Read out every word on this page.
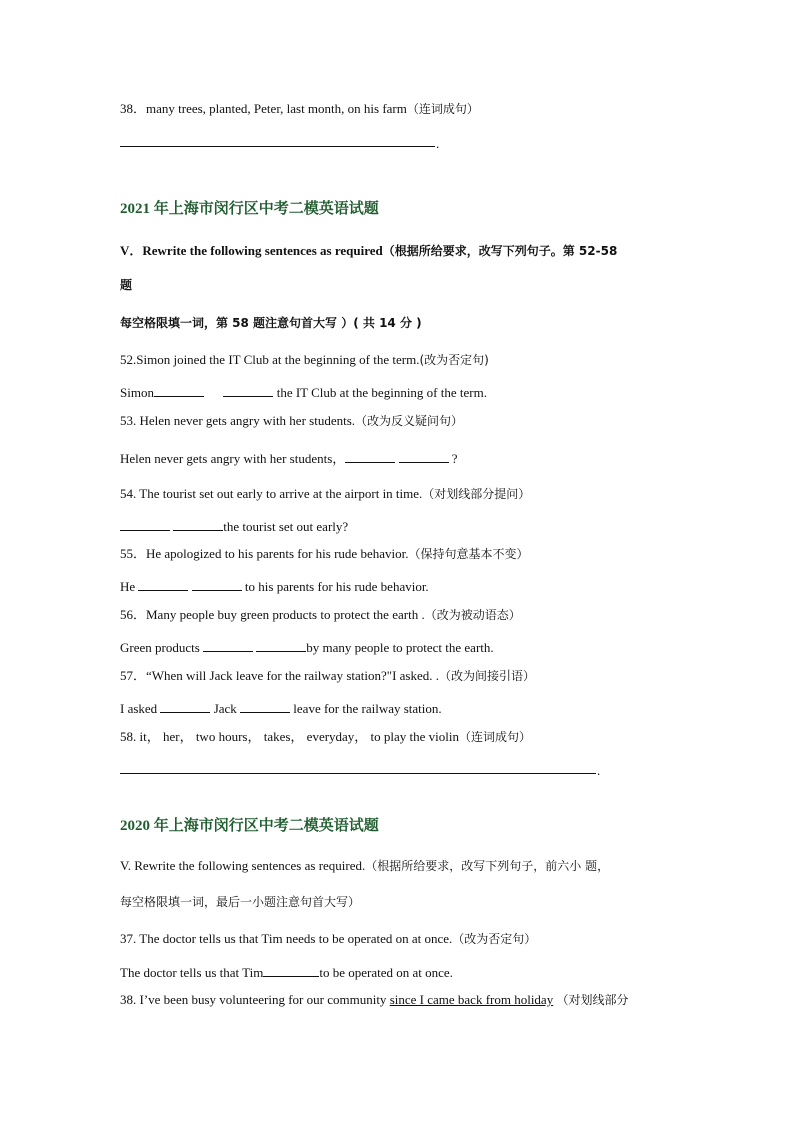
38．many trees, planted, Peter, last month, on his farm（连词成句）
.
2021 年上海市闵行区中考二模英语试题
V．Rewrite the following sentences as required（根据所给要求，改写下列句子。第 52-58
题
每空格限填一词，第 58 题注意句首大写 ）( 共 14 分 )
52.Simon joined the IT Club at the beginning of the term.(改为否定句)
Simon	the IT Club at the beginning of the term.
53. Helen never gets angry with her students.（改为反义疑问句）
Helen never gets angry with her students，	?
54. The tourist set out early to arrive at the airport in time.（对划线部分提问）
the tourist set out early?
55．He apologized to his parents for his rude behavior.（保持句意基本不变）
He	to his parents for his rude behavior.
56．Many people buy green products to protect the earth .（改为被动语态）
Green products	by many people to protect the earth.
57．“When will Jack leave for the railway station?"I asked. .（改为间接引语）
I asked	Jack	leave for the railway station.
58. it， her， two hours， takes， everyday， to play the violin（连词成句）
.
2020 年上海市闵行区中考二模英语试题
V. Rewrite the following sentences as required.（根据所给要求，改写下列句子，前六小 题，
每空格限填一词，最后一小题注意句首大写）
37. The doctor tells us that Tim needs to be operated on at once.（改为否定句）
The doctor tells us that Tim	to be operated on at once.
38. I’ve been busy volunteering for our community since I came back from holiday （对划线部分
